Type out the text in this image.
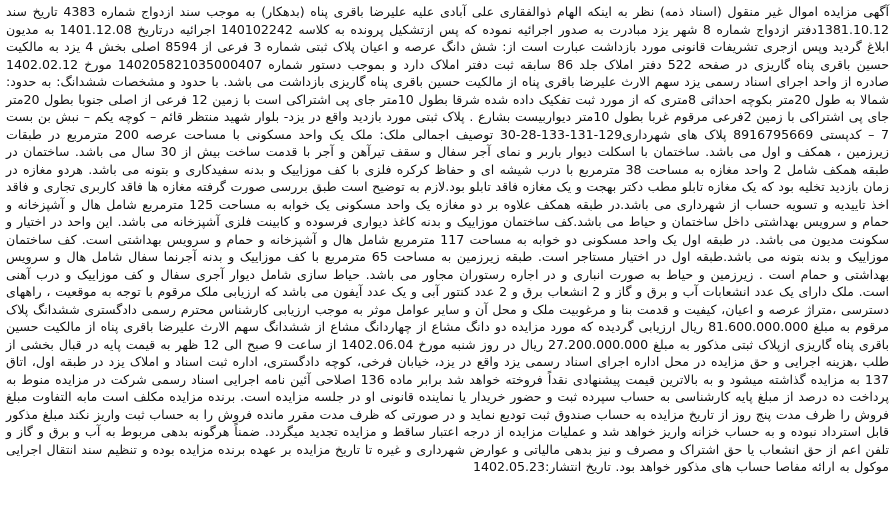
آگهی مزایده اموال غیر منقول (اسناد ذمه) نظر به اینکه الهام ذوالفقاری علی آبادی علیه علیرضا باقری پناه (بدهکار) به موجب سند ازدواج شماره 4383 تاریخ سند 1381.10.12دفتر ازدواج شماره 8 شهر یزد مبادرت به صدور اجرائیه نموده که پس ازتشکیل پرونده به کلاسه 140102242 اجرائیه درتاریخ 1401.12.08 به مدیون ابلاغ گردید وپس ازجری تشریفات قانونی مورد بازداشت عبارت است از: شش دانگ عرصه و اعیان پلاک ثبتی شماره 3 فرعی از 8594 اصلی بخش 4 یزد به مالکیت حسین باقری پناه گاریزی در صفحه 522 دفتر املاک جلد 86 سابقه ثبت دفتر املاک دارد و بموجب دستور شماره 140205821035000407 مورخ 1402.02.12 صادره از واحد اجرای اسناد رسمی یزد سهم الارث علیرضا باقری پناه از مالکیت حسین باقری پناه گاریزی بازداشت می باشد. با حدود و مشخصات ششدانگ: به حدود: شمالا به طول 20متر بکوچه احداثی 8متری که از مورد ثبت تفکیک داده شده شرقا بطول 10متر جای پی اشتراکی است با زمین 12 فرعی از اصلی جنوبا بطول 20متر جای پی اشتراکی با زمین 2فرعی مرقوم غربا بطول 10متر دیواربیست بشارع . پلاک ثبتی مورد بازدید واقع در یزد- بلوار شهید منتظر قائم – کوچه یکم – نبش بن بست 7 – کدپستی 8916795669 پلاک های شهرداری129-131-133-28-30 توصیف اجمالی ملک: ملک یک واحد مسکونی با مساحت عرصه 200 مترمربع در طبقات زیرزمین ، همکف و اول می باشد. ساختمان با اسکلت دیوار باربر و نمای آجر سفال و سقف تیرآهن و آجر با قدمت ساخت بیش از 30 سال می باشد. ساختمان در طبقه همکف شامل 2 واحد مغازه به مساحت 38 مترمربع با درب شیشه ای و حفاظ کرکره فلزی با کف موزاییک و بدنه سفیدکاری و بتونه می باشد. هردو مغازه در زمان بازدید تخلیه بود که یک مغازه تابلو مطب دکتر بهجت و یک مغازه فاقد تابلو بود.لازم به توضیح است طبق بررسی صورت گرفته مغازه ها فاقد کاربری تجاری و فاقد اخذ تاییدیه و تسویه حساب از شهرداری می باشد.در طبقه همکف علاوه بر دو مغازه یک واحد مسکونی یک خوابه به مساحت 125 مترمربع شامل هال و آشپزخانه و حمام و سرویس بهداشتی داخل ساختمان و حیاط می باشد.کف ساختمان موزاییک و بدنه کاغذ دیواری فرسوده و کابینت فلزی آشپزخانه می باشد. این واحد در اختیار و سکونت مدیون می باشد. در طبقه اول یک واحد مسکونی دو خوابه به مساحت 117 مترمربع شامل هال و آشپزخانه و حمام و سرویس بهداشتی است. کف ساختمان موزاییک و بدنه بتونه می باشد.طبقه اول در اختیار مستاجر است. طبقه زیرزمین به مساحت 65 مترمربع با کف موزاییک و بدنه آجرنما سفال شامل هال و سرویس بهداشتی و حمام است . زیرزمین و حیاط به صورت انباری و در اجاره رستوران مجاور می باشد. حیاط سازی شامل دیوار آجری سفال و کف موزاییک و درب آهنی است. ملک دارای یک عدد انشعابات آب و برق و گاز و 2 انشعاب برق و 2 عدد کنتور آبی و یک عدد آیفون می باشد که ارزیابی ملک مرقوم با توجه به موقعیت ، راههای دسترسی ،متراژ عرصه و اعیان، کیفیت و قدمت بنا و مرغوبیت ملک و محل آن و سایر عوامل موثر به موجب ارزیابی کارشناس محترم رسمی دادگستری ششدانگ پلاک مرقوم به مبلغ 81.600.000.000 ریال ارزیابی گردیده که مورد مزایده دو دانگ مشاع از چهاردانگ مشاع از ششدانگ سهم الارث علیرضا باقری پناه از مالکیت حسین باقری پناه گاریزی ازپلاک ثبتی مذکور به مبلغ 27.200.000.000 ریال در روز شنبه مورخ 1402.06.04 از ساعت 9 صبح الی 12 ظهر به قیمت پایه در قبال بخشی از طلب ،هزینه اجرایی و حق مزایده در محل اداره اجرای اسناد رسمی یزد واقع در یزد، خیابان فرخی، کوچه دادگستری، اداره ثبت اسناد و املاک یزد در طبقه اول، اتاق 137 به مزایده گذاشته میشود و به بالاترین قیمت پیشنهادی نقداً فروخته خواهد شد برابر ماده 136 اصلاحی آئین نامه اجرایی اسناد رسمی شرکت در مزایده منوط به پرداخت ده درصد از مبلغ پایه کارشناسی به حساب سپرده ثبت و حضور خریدار یا نماینده قانونی او در جلسه مزایده است. برنده مزایده مکلف است مابه التفاوت مبلغ فروش را ظرف مدت پنج روز از تاریخ مزایده به حساب صندوق ثبت تودیع نماید و در صورتی که ظرف مدت مقرر مانده فروش را به حساب ثبت واریز نکند مبلغ مذکور قابل استرداد نبوده و به حساب خزانه واریز خواهد شد و عملیات مزایده از درجه اعتبار ساقط و مزایده تجدید میگردد. ضمناً هرگونه بدهی مربوط به آب و برق و گاز و تلفن اعم از حق انشعاب یا حق اشتراک و مصرف و نیز بدهی مالیاتی و عوارض شهرداری و غیره تا تاریخ مزایده بر عهده برنده مزایده بوده و تنظیم سند انتقال اجرایی موکول به ارائه مفاصا حساب های مذکور خواهد بود. تاریخ انتشار:1402.05.23
